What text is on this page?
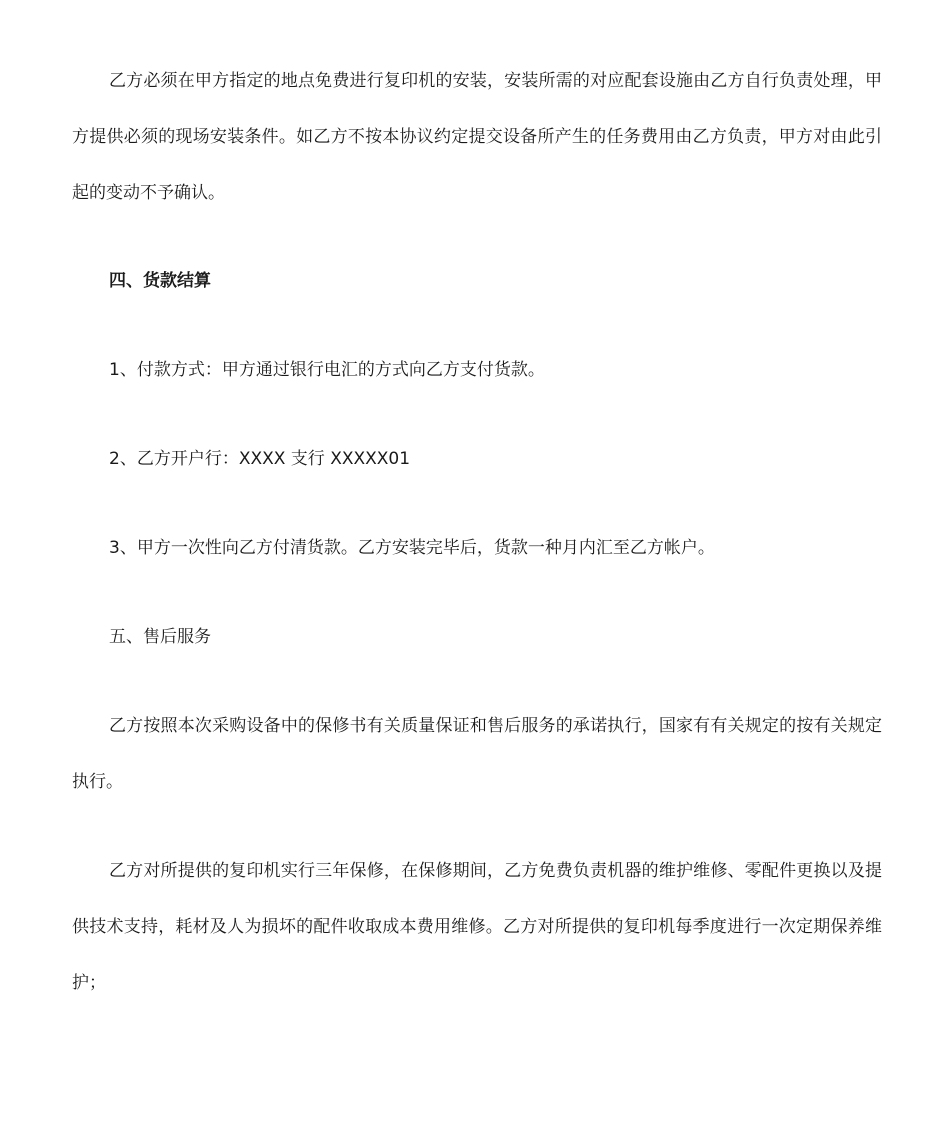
乙方必须在甲方指定的地点免费进行复印机的安装，安装所需的对应配套设施由乙方自行负责处理，甲方提供必须的现场安装条件。如乙方不按本协议约定提交设备所产生的任务费用由乙方负责，甲方对由此引起的变动不予确认。

四、货款结算

1、付款方式：甲方通过银行电汇的方式向乙方支付货款。

2、乙方开户行：XXXX 支行 XXXXX01

3、甲方一次性向乙方付清货款。乙方安装完毕后，货款一种月内汇至乙方帐户。

五、售后服务

乙方按照本次采购设备中的保修书有关质量保证和售后服务的承诺执行，国家有有关规定的按有关规定执行。

乙方对所提供的复印机实行三年保修，在保修期间，乙方免费负责机器的维护维修、零配件更换以及提供技术支持，耗材及人为损坏的配件收取成本费用维修。乙方对所提供的复印机每季度进行一次定期保养维护；
